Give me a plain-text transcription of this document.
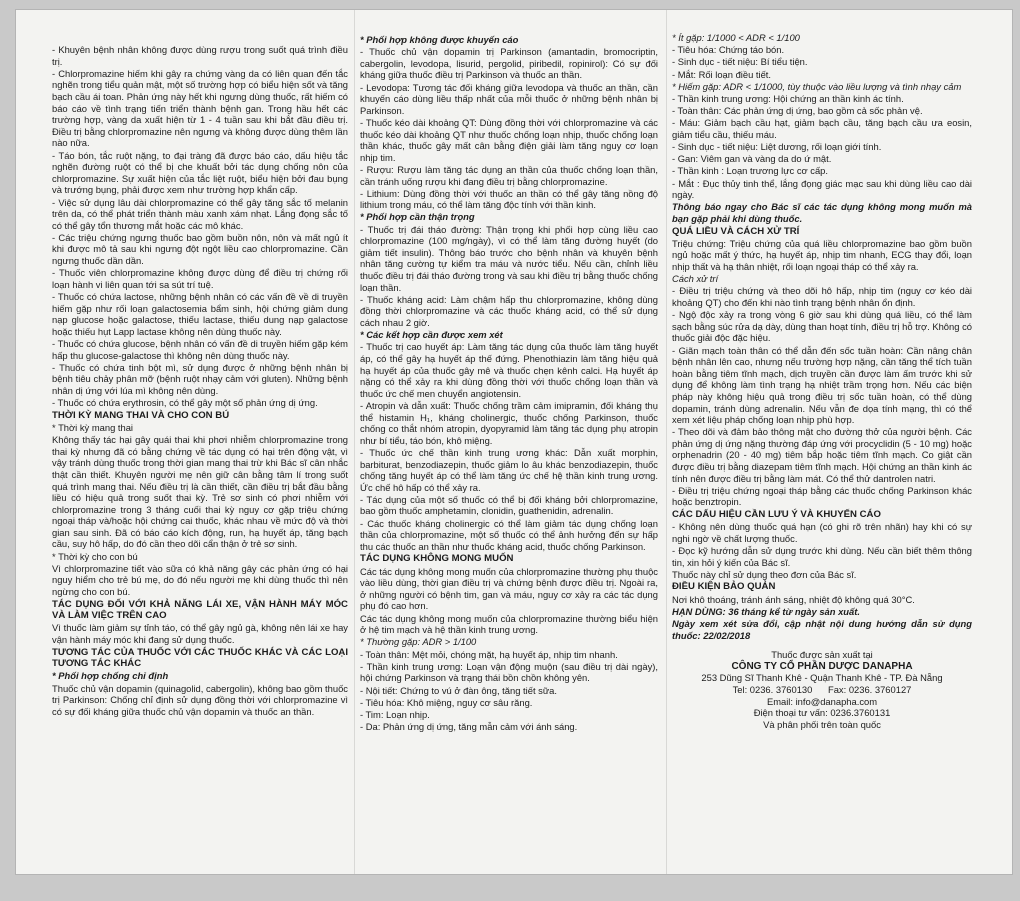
- Khuyên bệnh nhân không được dùng rượu trong suốt quá trình điều trị.

- Chlorpromazine hiếm khi gây ra chứng vàng da có liên quan đến tắc nghẽn trong tiểu quản mật, một số trường hợp có biểu hiện sốt và tăng bạch cầu ái toan. Phản ứng này hết khi ngưng dùng thuốc, rất hiếm có báo cáo về tình trạng tiến triển thành bệnh gan. Trong hầu hết các trường hợp, vàng da xuất hiện từ 1 - 4 tuần sau khi bắt đầu điều trị. Điều trị bằng chlorpromazine nên ngưng và không được dùng thêm lần nào nữa.

- Táo bón, tắc ruột nặng, to đại tràng đã được báo cáo, dấu hiệu tắc nghẽn đường ruột có thể bị che khuất bởi tác dụng chống nôn của chlorpromazine. Sự xuất hiện của tắc liệt ruột, biểu hiện bởi đau bụng và trướng bụng, phải được xem như trường hợp khẩn cấp.

- Việc sử dụng lâu dài chlorpromazine có thể gây tăng sắc tố melanin trên da, có thể phát triển thành màu xanh xám nhạt. Lắng đọng sắc tố có thể gây tổn thương mắt hoặc các mô khác.

- Các triệu chứng ngưng thuốc bao gồm buồn nôn, nôn và mất ngủ ít khi được mô tả sau khi ngưng đột ngột liều cao chlorpromazine. Cần ngưng thuốc dần dần.

- Thuốc viên chlorpromazine không được dùng để điều trị chứng rối loạn hành vi liên quan tới sa sút trí tuệ.

- Thuốc có chứa lactose, những bệnh nhân có các vấn đề về di truyền hiếm gặp như rối loạn galactosemia bẩm sinh, hội chứng giảm dung nạp glucose hoặc galactose, thiếu lactase, thiếu dung nạp galactose hoặc thiếu hụt Lapp lactase không nên dùng thuốc này.

- Thuốc có chứa glucose, bệnh nhân có vấn đề di truyền hiếm gặp kém hấp thu glucose-galactose thì không nên dùng thuốc này.

- Thuốc có chứa tinh bột mì, sử dụng được ở những bệnh nhân bị bệnh tiêu chảy phân mỡ (bệnh ruột nhạy cảm với gluten). Những bệnh nhân dị ứng với lúa mì không nên dùng.

- Thuốc có chứa erythrosin, có thể gây một số phản ứng dị ứng.

THỜI KỲ MANG THAI VÀ CHO CON BÚ

* Thời kỳ mang thai

Không thấy tác hại gây quái thai khi phơi nhiễm chlorpromazine trong thai kỳ nhưng đã có bằng chứng về tác dụng có hại trên động vật, vì vậy tránh dùng thuốc trong thời gian mang thai trừ khi Bác sĩ cân nhắc thật cần thiết. Khuyên người mẹ nên giữ cân bằng tâm lí trong suốt quá trình mang thai. Nếu điều trị là cần thiết, cần điều trị bắt đầu bằng liều có hiệu quả trong suốt thai kỳ. Trẻ sơ sinh có phơi nhiễm với chlorpromazine trong 3 tháng cuối thai kỳ nguy cơ gặp triệu chứng ngoại tháp và/hoặc hội chứng cai thuốc, khác nhau về mức độ và thời gian sau sinh. Đã có báo cáo kích động, run, hạ huyết áp, tăng bạch cầu, suy hô hấp, do đó cần theo dõi cẩn thận ở trẻ sơ sinh.

* Thời kỳ cho con bú

Vì chlorpromazine tiết vào sữa có khả năng gây các phản ứng có hại nguy hiểm cho trẻ bú mẹ, do đó nếu người mẹ khi dùng thuốc thì nên ngừng cho con bú.

TÁC DỤNG ĐỐI VỚI KHẢ NĂNG LÁI XE, VẬN HÀNH MÁY MÓC VÀ LÀM VIỆC TRÊN CAO

Vì thuốc làm giảm sự tỉnh táo, có thể gây ngủ gà, không nên lái xe hay vận hành máy móc khi đang sử dụng thuốc.

TƯƠNG TÁC CỦA THUỐC VỚI CÁC THUỐC KHÁC VÀ CÁC LOẠI TƯƠNG TÁC KHÁC

* Phối hợp chống chỉ định

Thuốc chủ vận dopamin (quinagolid, cabergolin), không bao gồm thuốc trị Parkinson: Chống chỉ định sử dụng đồng thời với chlorpromazine vì có sự đối kháng giữa thuốc chủ vận dopamin và thuốc an thần.

* Phối hợp không được khuyến cáo

- Thuốc chủ vận dopamin trị Parkinson (amantadin, bromocriptin, cabergolin, levodopa, lisurid, pergolid, piribedil, ropinirol): Có sự đối kháng giữa thuốc điều trị Parkinson và thuốc an thần.

- Levodopa: Tương tác đối kháng giữa levodopa và thuốc an thần, cần khuyến cáo dùng liều thấp nhất của mỗi thuốc ở những bệnh nhân bị Parkinson.

- Thuốc kéo dài khoảng QT: Dùng đồng thời với chlorpromazine và các thuốc kéo dài khoảng QT như thuốc chống loạn nhịp, thuốc chống loạn thần khác, thuốc gây mất cân bằng điện giải làm tăng nguy cơ loạn nhịp tim.

- Rượu: Rượu làm tăng tác dụng an thần của thuốc chống loạn thần, cần tránh uống rượu khi đang điều trị bằng chlorpromazine.

- Lithium: Dùng đồng thời với thuốc an thần có thể gây tăng nồng độ lithium trong máu, có thể làm tăng độc tính với thần kinh.

* Phối hợp cần thận trọng

- Thuốc trị đái tháo đường: Thận trọng khi phối hợp cùng liều cao chlorpromazine (100 mg/ngày), vì có thể làm tăng đường huyết (do giảm tiết insulin). Thông báo trước cho bệnh nhân và khuyên bệnh nhân tăng cường tự kiểm tra máu và nước tiểu. Nếu cần, chỉnh liều thuốc điều trị đái tháo đường trong và sau khi điều trị bằng thuốc chống loạn thần.

- Thuốc kháng acid: Làm chậm hấp thu chlorpromazine, không dùng đồng thời chlorpromazine và các thuốc kháng acid, có thể sử dụng cách nhau 2 giờ.

* Các kết hợp cần được xem xét

- Thuốc trị cao huyết áp: Làm tăng tác dụng của thuốc làm tăng huyết áp, có thể gây hạ huyết áp thế đứng. Phenothiazin làm tăng hiệu quả hạ huyết áp của thuốc gây mê và thuốc chẹn kênh calci. Hạ huyết áp nặng có thể xảy ra khi dùng đồng thời với thuốc chống loạn thần và thuốc ức chế men chuyển angiotensin.

- Atropin và dẫn xuất: Thuốc chống trầm cảm imipramin, đối kháng thụ thể histamin H₁, kháng cholinergic, thuốc chống Parkinson, thuốc chống co thắt nhóm atropin, dyopyramid làm tăng tác dụng phụ atropin như bí tiểu, táo bón, khô miệng.

- Thuốc ức chế thần kinh trung ương khác: Dẫn xuất morphin, barbiturat, benzodiazepin, thuốc giảm lo âu khác benzodiazepin, thuốc chống tăng huyết áp có thể làm tăng ức chế hệ thần kinh trung ương. Ức chế hô hấp có thể xảy ra.

- Tác dụng của một số thuốc có thể bị đối kháng bởi chlorpromazine, bao gồm thuốc amphetamin, clonidin, guathenidin, adrenalin.

- Các thuốc kháng cholinergic có thể làm giảm tác dụng chống loạn thần của chlorpromazine, một số thuốc có thể ảnh hưởng đến sự hấp thu các thuốc an thần như thuốc kháng acid, thuốc chống Parkinson.

TÁC DỤNG KHÔNG MONG MUỐN

Các tác dụng không mong muốn của chlorpromazine thường phụ thuộc vào liều dùng, thời gian điều trị và chứng bệnh được điều trị. Ngoài ra, ở những người có bệnh tim, gan và máu, nguy cơ xảy ra các tác dụng phụ đó cao hơn.

Các tác dụng không mong muốn của chlorpromazine thường biểu hiện ở hệ tim mạch và hệ thần kinh trung ương.

* Thường gặp: ADR > 1/100

- Toàn thân: Mệt mỏi, chóng mặt, hạ huyết áp, nhịp tim nhanh.

- Thần kinh trung ương: Loạn vận động muộn (sau điều trị dài ngày), hội chứng Parkinson và trạng thái bồn chồn không yên.

- Nội tiết: Chứng to vú ở đàn ông, tăng tiết sữa.

- Tiêu hóa: Khô miệng, nguy cơ sâu răng.

- Tim: Loạn nhịp.

- Da: Phản ứng dị ứng, tăng mẫn cảm với ánh sáng.

* Ít gặp: 1/1000 < ADR < 1/100

- Tiêu hóa: Chứng táo bón.

- Sinh dục - tiết niệu: Bí tiểu tiện.

- Mắt: Rối loạn điều tiết.

* Hiếm gặp: ADR < 1/1000, tùy thuộc vào liều lượng và tình nhạy cảm

- Thần kinh trung ương: Hội chứng an thần kinh ác tính.

- Toàn thân: Các phản ứng dị ứng, bao gồm cả sốc phản vệ.

- Máu: Giảm bạch cầu hạt, giảm bạch cầu, tăng bạch cầu ưa eosin, giảm tiểu cầu, thiếu máu.

- Sinh dục - tiết niệu: Liệt dương, rối loạn giới tính.

- Gan: Viêm gan và vàng da do ứ mật.

- Thần kinh : Loạn trương lực cơ cấp.

- Mắt : Đục thủy tinh thể, lắng đọng giác mạc sau khi dùng liều cao dài ngày.

Thông báo ngay cho Bác sĩ các tác dụng không mong muốn mà bạn gặp phải khi dùng thuốc.

QUÁ LIỀU VÀ CÁCH XỬ TRÍ

Triệu chứng: Triệu chứng của quá liều chlorpromazine bao gồm buồn ngủ hoặc mất ý thức, hạ huyết áp, nhịp tim nhanh, ECG thay đổi, loạn nhịp thất và hạ thân nhiệt, rối loạn ngoại tháp có thể xảy ra.

Cách xử trí

- Điều trị triệu chứng và theo dõi hô hấp, nhịp tim (nguy cơ kéo dài khoảng QT) cho đến khi nào tình trạng bệnh nhân ổn định.

- Ngộ độc xảy ra trong vòng 6 giờ sau khi dùng quá liều, có thể làm sạch bằng súc rửa dạ dày, dùng than hoạt tính, điều trị hỗ trợ. Không có thuốc giải độc đặc hiệu.

- Giãn mạch toàn thân có thể dẫn đến sốc tuần hoàn: Cần nâng chân bệnh nhân lên cao, nhưng nếu trường hợp nặng, cần tăng thể tích tuần hoàn bằng tiêm tĩnh mạch, dịch truyền cần được làm ấm trước khi sử dụng để không làm tình trạng hạ nhiệt trầm trọng hơn. Nếu các biện pháp này không hiệu quả trong điều trị sốc tuần hoàn, có thể dùng dopamin, tránh dùng adrenalin. Nếu vẫn đe dọa tính mạng, thì có thể xem xét liệu pháp chống loạn nhịp phù hợp.

- Theo dõi và đảm bảo thông mật cho đường thở của người bệnh. Các phản ứng dị ứng nặng thường đáp ứng với procyclidin (5 - 10 mg) hoặc orphenadrin (20 - 40 mg) tiêm bắp hoặc tiêm tĩnh mạch. Co giật cần được điều trị bằng diazepam tiêm tĩnh mạch. Hội chứng an thần kinh ác tính nên được điều trị bằng làm mát. Có thể thử dantrolen natri.

- Điều trị triệu chứng ngoại tháp bằng các thuốc chống Parkinson khác hoặc benztropin.

CÁC DẤU HIỆU CẦN LƯU Ý VÀ KHUYẾN CÁO

- Không nên dùng thuốc quá hạn (có ghi rõ trên nhãn) hay khi có sự nghi ngờ về chất lượng thuốc.

- Đọc kỹ hướng dẫn sử dụng trước khi dùng. Nếu cần biết thêm thông tin, xin hỏi ý kiến của Bác sĩ.

Thuốc này chỉ sử dụng theo đơn của Bác sĩ.

ĐIỀU KIỆN BẢO QUẢN

Nơi khô thoáng, tránh ánh sáng, nhiệt độ không quá 30°C.

HẠN DÙNG: 36 tháng kể từ ngày sản xuất.

Ngày xem xét sửa đổi, cập nhật nội dung hướng dẫn sử dụng thuốc: 22/02/2018

Thuốc được sản xuất tại

CÔNG TY CỔ PHẦN DƯỢC DANAPHA

253 Dũng Sĩ Thanh Khê - Quận Thanh Khê - TP. Đà Nẵng

Tel: 0236. 3760130      Fax: 0236. 3760127

Email: info@danapha.com

Điện thoại tư vấn: 0236.3760131

Và phân phối trên toàn quốc
